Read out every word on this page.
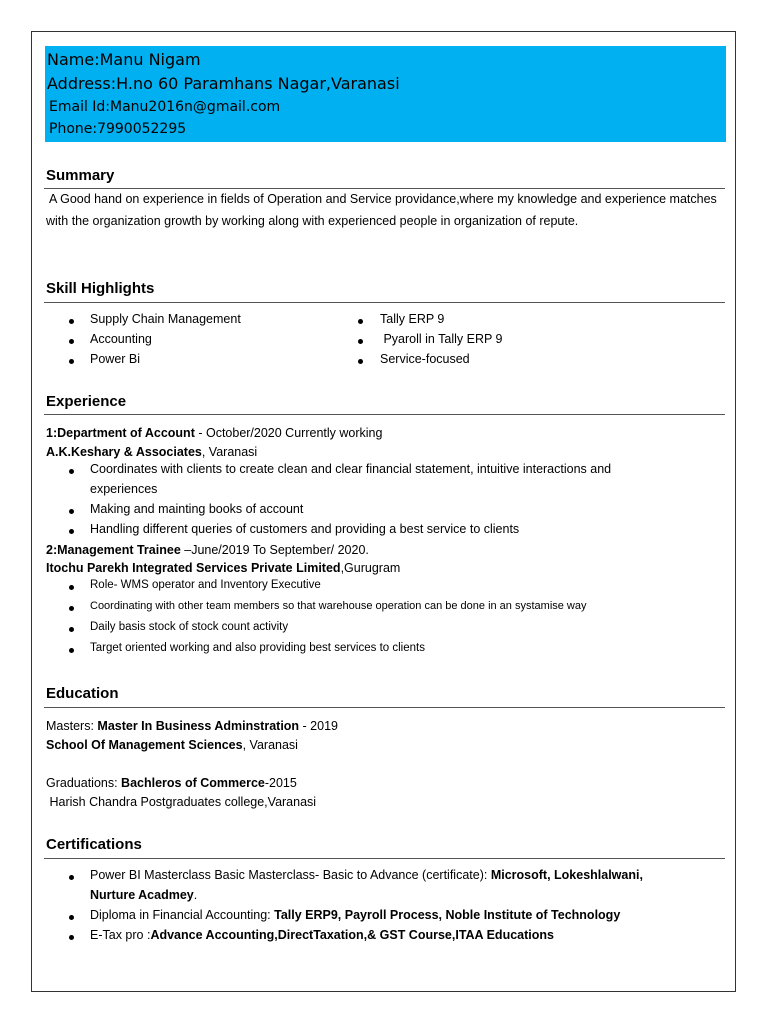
Name:Manu Nigam
Address:H.no 60 Paramhans Nagar,Varanasi
Email Id:Manu2016n@gmail.com
Phone:7990052295
Summary
A Good hand on experience in fields of Operation and Service providance,where my knowledge and experience matches with the organization growth by working along with experienced people in organization of repute.
Skill Highlights
Supply Chain Management
Accounting
Power Bi
Tally ERP 9
Pyaroll in Tally ERP 9
Service-focused
Experience
1:Department of Account - October/2020 Currently working
A.K.Keshary & Associates, Varanasi
Coordinates with clients to create clean and clear financial statement, intuitive interactions and
experiences
Making and mainting books of account
Handling different queries of customers and providing a best service to clients
2:Management Trainee –June/2019 To September/ 2020.
Itochu Parekh Integrated Services Private Limited,Gurugram
Role- WMS operator and Inventory Executive
Coordinating with other team members so that warehouse operation can be done in an systamise way
Daily basis stock of stock count activity
Target oriented working and also providing best services to clients
Education
Masters: Master In Business Adminstration - 2019
School Of Management Sciences, Varanasi
Graduations: Bachleros of Commerce-2015
Harish Chandra Postgraduates college,Varanasi
Certifications
Power BI Masterclass Basic Masterclass- Basic to Advance (certificate): Microsoft, Lokeshlalwani,
Nurture Acadmey.
Diploma in Financial Accounting: Tally ERP9, Payroll Process, Noble Institute of Technology
E-Tax pro :Advance Accounting,DirectTaxation,& GST Course,ITAA Educations
